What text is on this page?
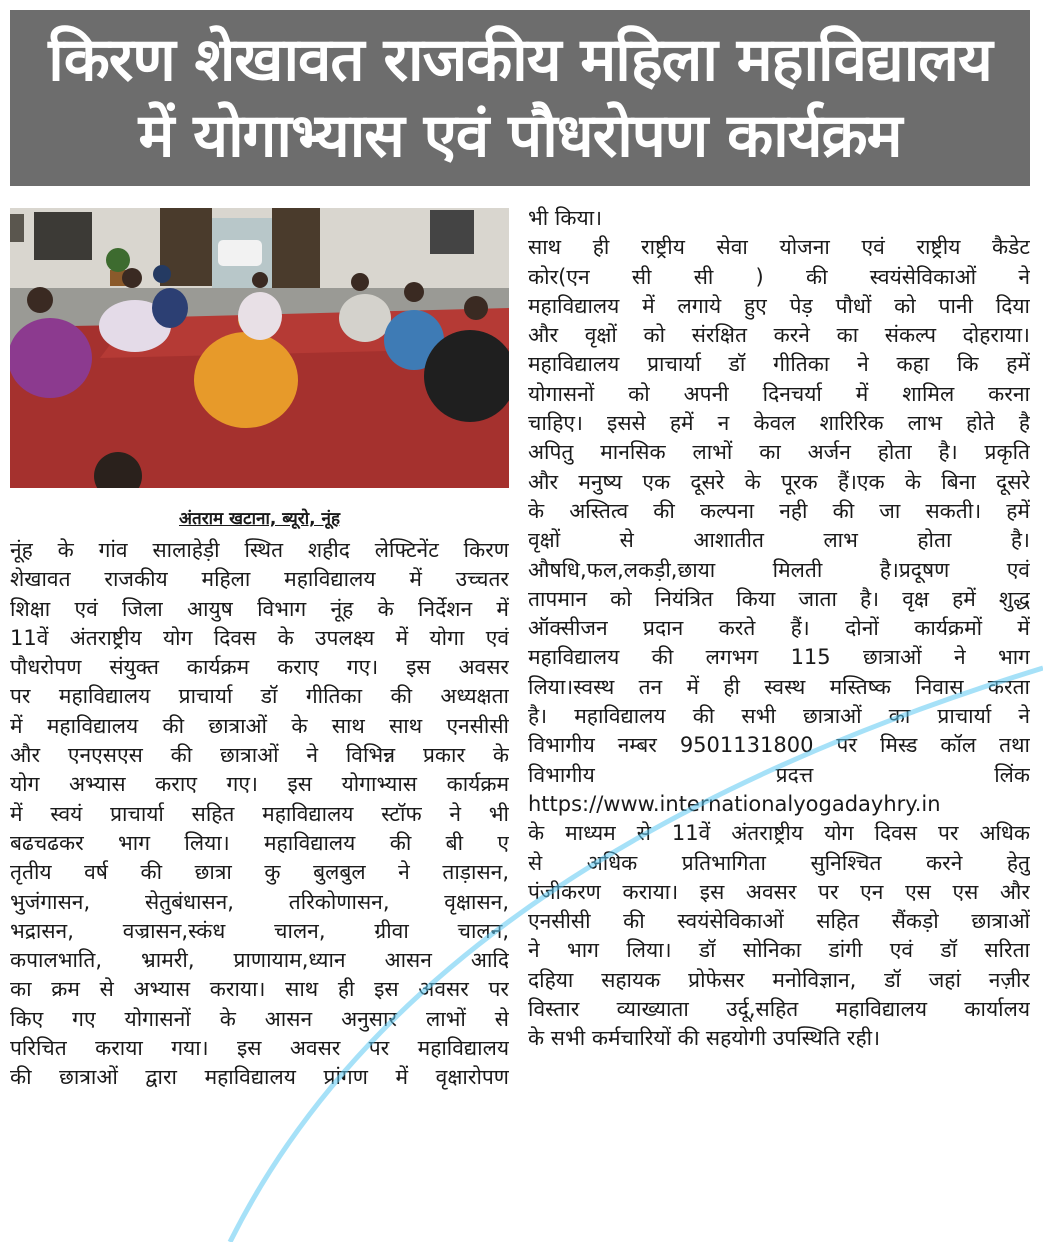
किरण शेखावत राजकीय महिला महाविद्यालय
में योगाभ्यास एवं पौधरोपण कार्यक्रम
अंतराम खटाना, ब्यूरो, नूंह
नूंह के गांव सालाहेड़ी स्थित शहीद लेफ्टिनेंट किरण
शेखावत राजकीय महिला महाविद्यालय में उच्चतर
शिक्षा एवं जिला आयुष विभाग नूंह के निर्देशन में
11वें अंतराष्ट्रीय योग दिवस के उपलक्ष्य में योगा एवं
पौधरोपण संयुक्त कार्यक्रम कराए गए। इस अवसर
पर महाविद्यालय प्राचार्या डॉ गीतिका की अध्यक्षता
में महाविद्यालय की छात्राओं के साथ साथ एनसीसी
और एनएसएस की छात्राओं ने विभिन्न प्रकार के
योग अभ्यास कराए गए। इस योगाभ्यास कार्यक्रम
में स्वयं प्राचार्या सहित महाविद्यालय स्टॉफ ने भी
बढचढकर भाग लिया। महाविद्यालय की बी ए
तृतीय वर्ष की छात्रा कु बुलबुल ने ताड़ासन,
भुजंगासन, सेतुबंधासन, तरिकोणासन, वृक्षासन,
भद्रासन, वज्रासन,स्कंध चालन, ग्रीवा चालन,
कपालभाति, भ्रामरी, प्राणायाम,ध्यान आसन आदि
का क्रम से अभ्यास कराया। साथ ही इस अवसर पर
किए गए योगासनों के आसन अनुसार लाभों से
परिचित कराया गया। इस अवसर पर महाविद्यालय
की छात्राओं द्वारा महाविद्यालय प्रांगण में वृक्षारोपण
भी किया।
साथ ही राष्ट्रीय सेवा योजना एवं राष्ट्रीय कैडेट
कोर(एन सी सी ) की स्वयंसेविकाओं ने
महाविद्यालय में लगाये हुए पेड़ पौधों को पानी दिया
और वृक्षों को संरक्षित करने का संकल्प दोहराया।
महाविद्यालय प्राचार्या डॉ गीतिका ने कहा कि हमें
योगासनों को अपनी दिनचर्या में शामिल करना
चाहिए। इससे हमें न केवल शारिरिक लाभ होते है
अपितु मानसिक लाभों का अर्जन होता है। प्रकृति
और मनुष्य एक दूसरे के पूरक हैं।एक के बिना दूसरे
के अस्तित्व की कल्पना नही की जा सकती। हमें
वृक्षों से आशातीत लाभ होता है।
औषधि,फल,लकड़ी,छाया मिलती है।प्रदूषण एवं
तापमान को नियंत्रित किया जाता है। वृक्ष हमें शुद्ध
ऑक्सीजन प्रदान करते हैं। दोनों कार्यक्रमों में
महाविद्यालय की लगभग 115 छात्राओं ने भाग
लिया।स्वस्थ तन में ही स्वस्थ मस्तिष्क निवास करता
है। महाविद्यालय की सभी छात्राओं का प्राचार्या ने
विभागीय नम्बर 9501131800 पर मिस्ड कॉल तथा
विभागीय प्रदत्त लिंक
https://www.internationalyogadayhry.in
के माध्यम से 11वें अंतराष्ट्रीय योग दिवस पर अधिक
से अधिक प्रतिभागिता सुनिश्चित करने हेतु
पंजीकरण कराया। इस अवसर पर एन एस एस और
एनसीसी की स्वयंसेविकाओं सहित सैंकड़ो छात्राओं
ने भाग लिया। डॉ सोनिका डांगी एवं डॉ सरिता
दहिया सहायक प्रोफेसर मनोविज्ञान, डॉ जहां नज़ीर
विस्तार व्याख्याता उर्दू,सहित महाविद्यालय कार्यालय
के सभी कर्मचारियों की सहयोगी उपस्थिति रही।
